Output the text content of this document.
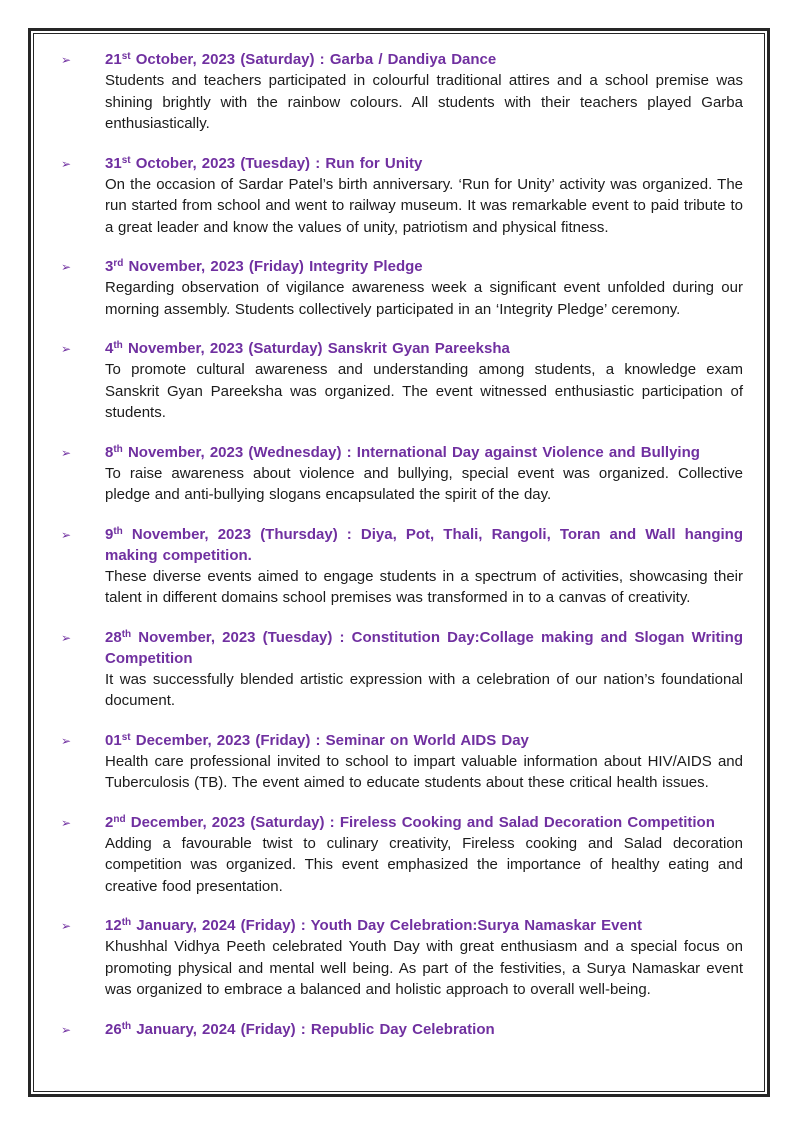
➢	21st October, 2023 (Saturday) : Garba / Dandiya Dance
Students and teachers participated in colourful traditional attires and a school premise was shining brightly with the rainbow colours. All students with their teachers played Garba enthusiastically.
➢	31st October, 2023 (Tuesday) : Run for Unity
On the occasion of Sardar Patel’s birth anniversary. ‘Run for Unity’ activity was organized. The run started from school and went to railway museum. It was remarkable event to paid tribute to a great leader and know the values of unity, patriotism and physical fitness.
➢	3rd November, 2023 (Friday) Integrity Pledge
Regarding observation of vigilance awareness week a significant event unfolded during our morning assembly. Students collectively participated in an ‘Integrity Pledge’ ceremony.
➢	4th November, 2023 (Saturday) Sanskrit Gyan Pareeksha
To promote cultural awareness and understanding among students, a knowledge exam Sanskrit Gyan Pareeksha was organized. The event witnessed enthusiastic participation of students.
➢	8th November, 2023 (Wednesday) : International Day against Violence and Bullying
To raise awareness about violence and bullying, special event was organized. Collective pledge and anti-bullying slogans encapsulated the spirit of the day.
➢	9th November, 2023 (Thursday) : Diya, Pot, Thali, Rangoli, Toran and Wall hanging making competition.
These diverse events aimed to engage students in a spectrum of activities, showcasing their talent in different domains school premises was transformed in to a canvas of creativity.
➢	28th November, 2023 (Tuesday) : Constitution Day:Collage making and Slogan Writing Competition
It was successfully blended artistic expression with a celebration of our nation’s foundational document.
➢	01st December, 2023 (Friday) : Seminar on World AIDS Day
Health care professional invited to school to impart valuable information about HIV/AIDS and Tuberculosis (TB). The event aimed to educate students about these critical health issues.
➢	2nd December, 2023 (Saturday) : Fireless Cooking and Salad Decoration Competition
Adding a favourable twist to culinary creativity, Fireless cooking and Salad decoration competition was organized. This event emphasized the importance of healthy eating and creative food presentation.
➢	12th January, 2024 (Friday) : Youth Day Celebration:Surya Namaskar Event
Khushhal Vidhya Peeth celebrated Youth Day with great enthusiasm and a special focus on promoting physical and mental well being. As part of the festivities, a Surya Namaskar event was organized to embrace a balanced and holistic approach to overall well-being.
➢	26th January, 2024 (Friday) : Republic Day Celebration
